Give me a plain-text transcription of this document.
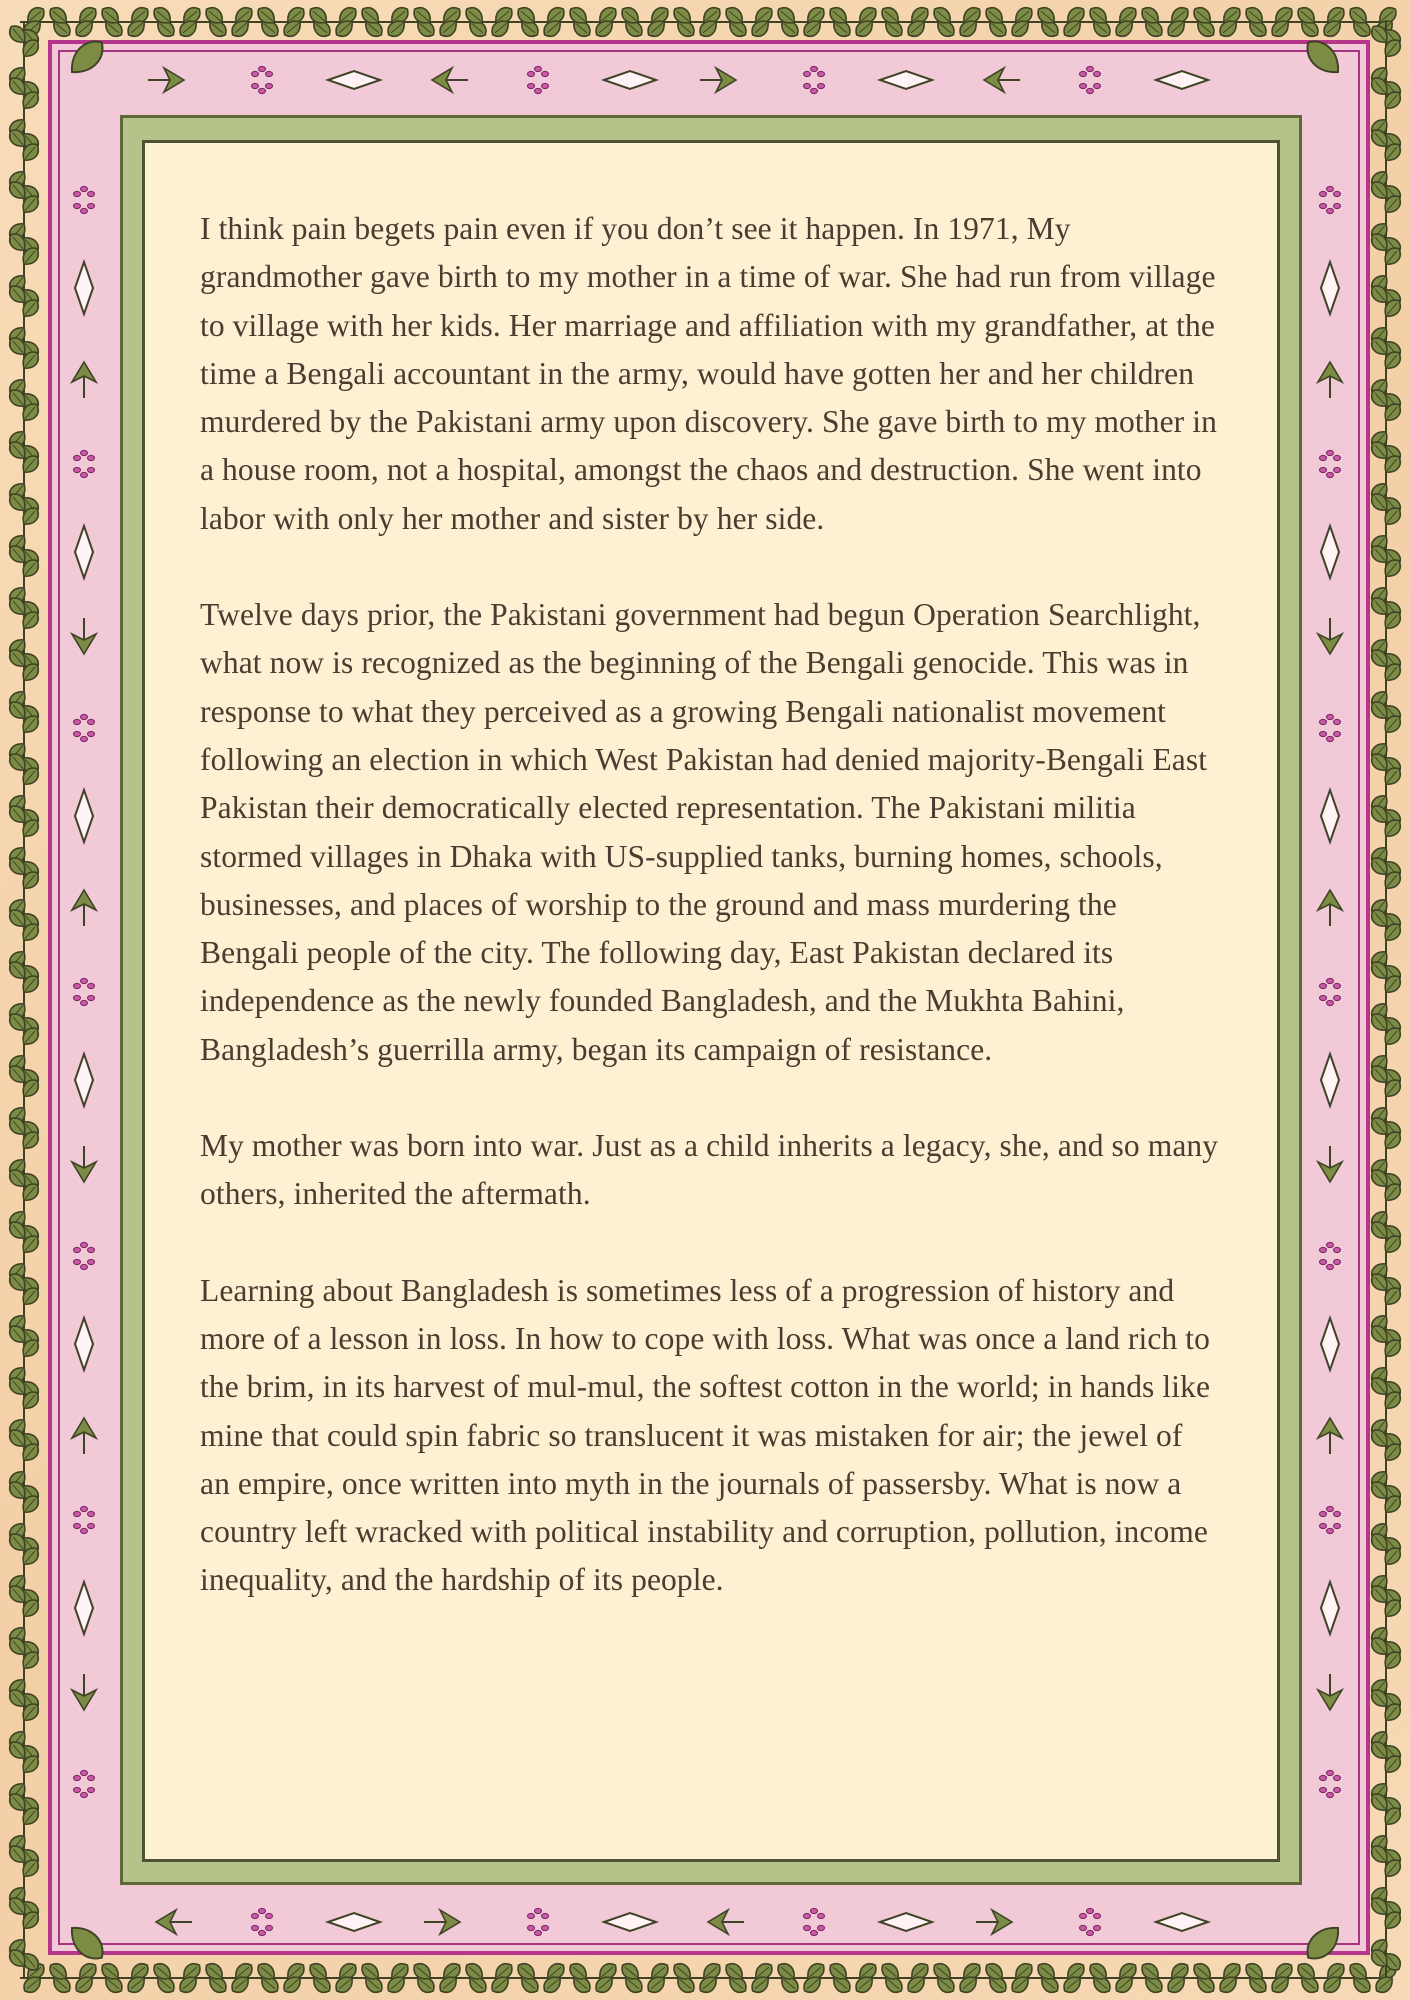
I think pain begets pain even if you don’t see it happen. In 1971, My grandmother gave birth to my mother in a time of war. She had run from village to village with her kids. Her marriage and affiliation with my grandfather, at the time a Bengali accountant in the army, would have gotten her and her children murdered by the Pakistani army upon discovery. She gave birth to my mother in a house room, not a hospital, amongst the chaos and destruction. She went into labor with only her mother and sister by her side.

Twelve days prior, the Pakistani government had begun Operation Searchlight, what now is recognized as the beginning of the Bengali genocide. This was in response to what they perceived as a growing Bengali nationalist movement following an election in which West Pakistan had denied majority-Bengali East Pakistan their democratically elected representation. The Pakistani militia stormed villages in Dhaka with US-supplied tanks, burning homes, schools, businesses, and places of worship to the ground and mass murdering the Bengali people of the city. The following day, East Pakistan declared its independence as the newly founded Bangladesh, and the Mukhta Bahini, Bangladesh’s guerrilla army, began its campaign of resistance.

My mother was born into war. Just as a child inherits a legacy, she, and so many others, inherited the aftermath.

Learning about Bangladesh is sometimes less of a progression of history and more of a lesson in loss. In how to cope with loss. What was once a land rich to the brim, in its harvest of mul-mul, the softest cotton in the world; in hands like mine that could spin fabric so translucent it was mistaken for air; the jewel of an empire, once written into myth in the journals of passersby. What is now a country left wracked with political instability and corruption, pollution, income inequality, and the hardship of its people.
